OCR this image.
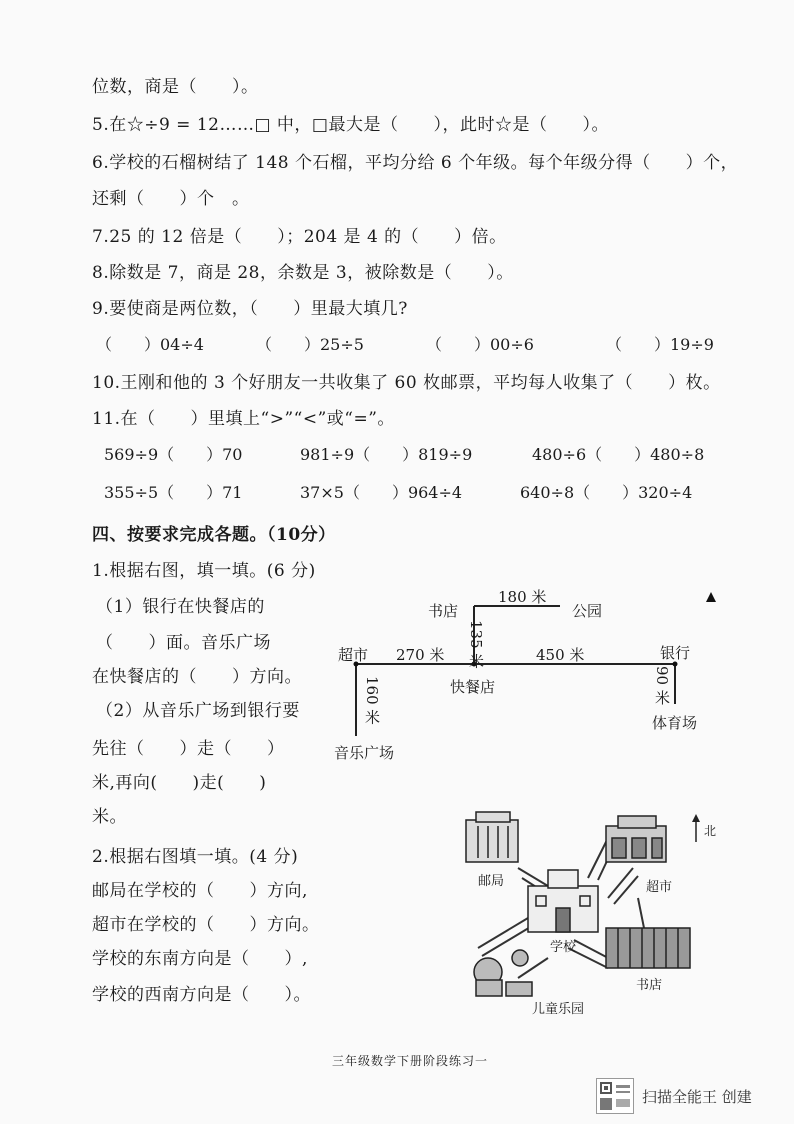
位数，商是（　　）。
5.在☆÷9 = 12……□ 中，□最大是（　　），此时☆是（　　）。
6.学校的石榴树结了 148 个石榴，平均分给 6 个年级。每个年级分得（　　）个，
还剩（　　）个　。
7.25 的 12 倍是（　　）；204 是 4 的（　　）倍。
8.除数是 7，商是 28，余数是 3，被除数是（　　）。
9.要使商是两位数，（　　）里最大填几?
（　　）04÷4	（　　）25÷5	（　　）00÷6	（　　）19÷9
10.王刚和他的 3 个好朋友一共收集了 60 枚邮票，平均每人收集了（　　）枚。
11.在（　　）里填上“>”“<”或“=”。
569÷9（　　）70	981÷9（　　）819÷9	480÷6（　　）480÷8
355÷5（　　）71	37×5（　　）964÷4	640÷8（　　）320÷4
四、按要求完成各题。（10分）
1.根据右图，填一填。(6 分)
（1）银行在快餐店的
（　　）面。音乐广场
在快餐店的（　　）方向。
（2）从音乐广场到银行要
先往（　　）走（　　）
米,再向(　　)走(　　)
米。
2.根据右图填一填。(4 分)
邮局在学校的（　　）方向,
超市在学校的（　　）方向。
学校的东南方向是（　　）,
学校的西南方向是（　　）。
书店	公园
180 米
135 米
超市 270 米	450 米	银行
快餐店
160 米	90 米
体育场
音乐广场
北
邮局	超市
学校
书店
儿童乐园
三年级数学下册阶段练习一
扫描全能王 创建
